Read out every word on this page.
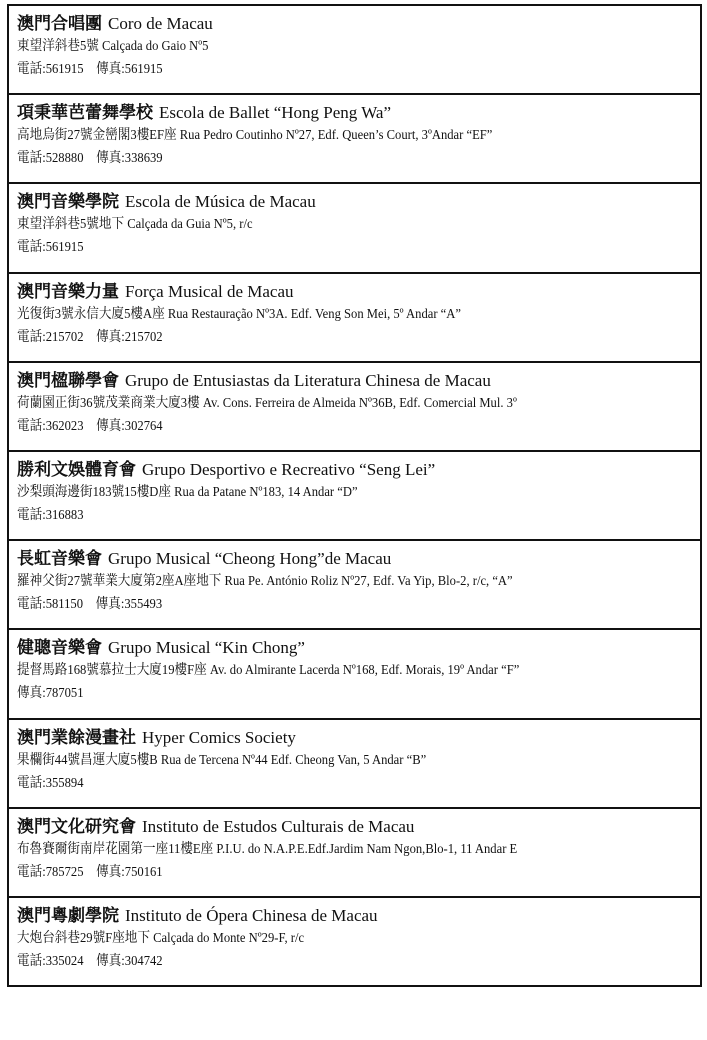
澳門合唱團 Coro de Macau
東望洋斜巷5號 Calçada do Gaio Nº5
電話:561915 傳真:561915
項秉華芭蕾舞學校 Escola de Ballet “Hong Peng Wa”
高地烏街27號金巒閣3樓EF座 Rua Pedro Coutinho Nº27, Edf. Queen’s Court, 3ºAndar “EF”
電話:528880 傳真:338639
澳門音樂學院 Escola de Música de Macau
東望洋斜巷5號地下 Calçada da Guia Nº5, r/c
電話:561915
澳門音樂力量 Força Musical de Macau
光復街3號永信大廈5樓A座 Rua Restauração Nº3A. Edf. Veng Son Mei, 5º Andar “A”
電話:215702 傳真:215702
澳門楹聯學會 Grupo de Entusiastas da Literatura Chinesa de Macau
荷蘭園正街36號茂業商業大廈3樓 Av. Cons. Ferreira de Almeida Nº36B, Edf. Comercial Mul. 3º
電話:362023 傳真:302764
勝利文娛體育會 Grupo Desportivo e Recreativo “Seng Lei”
沙梨頭海邊街183號15樓D座 Rua da Patane Nº183, 14 Andar “D”
電話:316883
長虹音樂會 Grupo Musical “Cheong Hong”de Macau
羅神父街27號華業大廈第2座A座地下 Rua Pe. António Roliz Nº27, Edf. Va Yip, Blo-2, r/c, “A”
電話:581150 傳真:355493
健聰音樂會 Grupo Musical “Kin Chong”
提督馬路168號慕拉士大廈19樓F座 Av. do Almirante Lacerda Nº168, Edf. Morais, 19º Andar “F”
傳真:787051
澳門業餘漫畫社 Hyper Comics Society
果欄街44號昌運大廈5樓B Rua de Tercena Nº44 Edf. Cheong Van, 5 Andar “B”
電話:355894
澳門文化研究會 Instituto de Estudos Culturais de Macau
布魯賽爾街南岸花園第一座11樓E座 P.I.U. do N.A.P.E.Edf.Jardim Nam Ngon,Blo-1, 11 Andar E
電話:785725 傳真:750161
澳門粵劇學院 Instituto de Ópera Chinesa de Macau
大炮台斜巷29號F座地下 Calçada do Monte Nº29-F, r/c
電話:335024 傳真:304742
